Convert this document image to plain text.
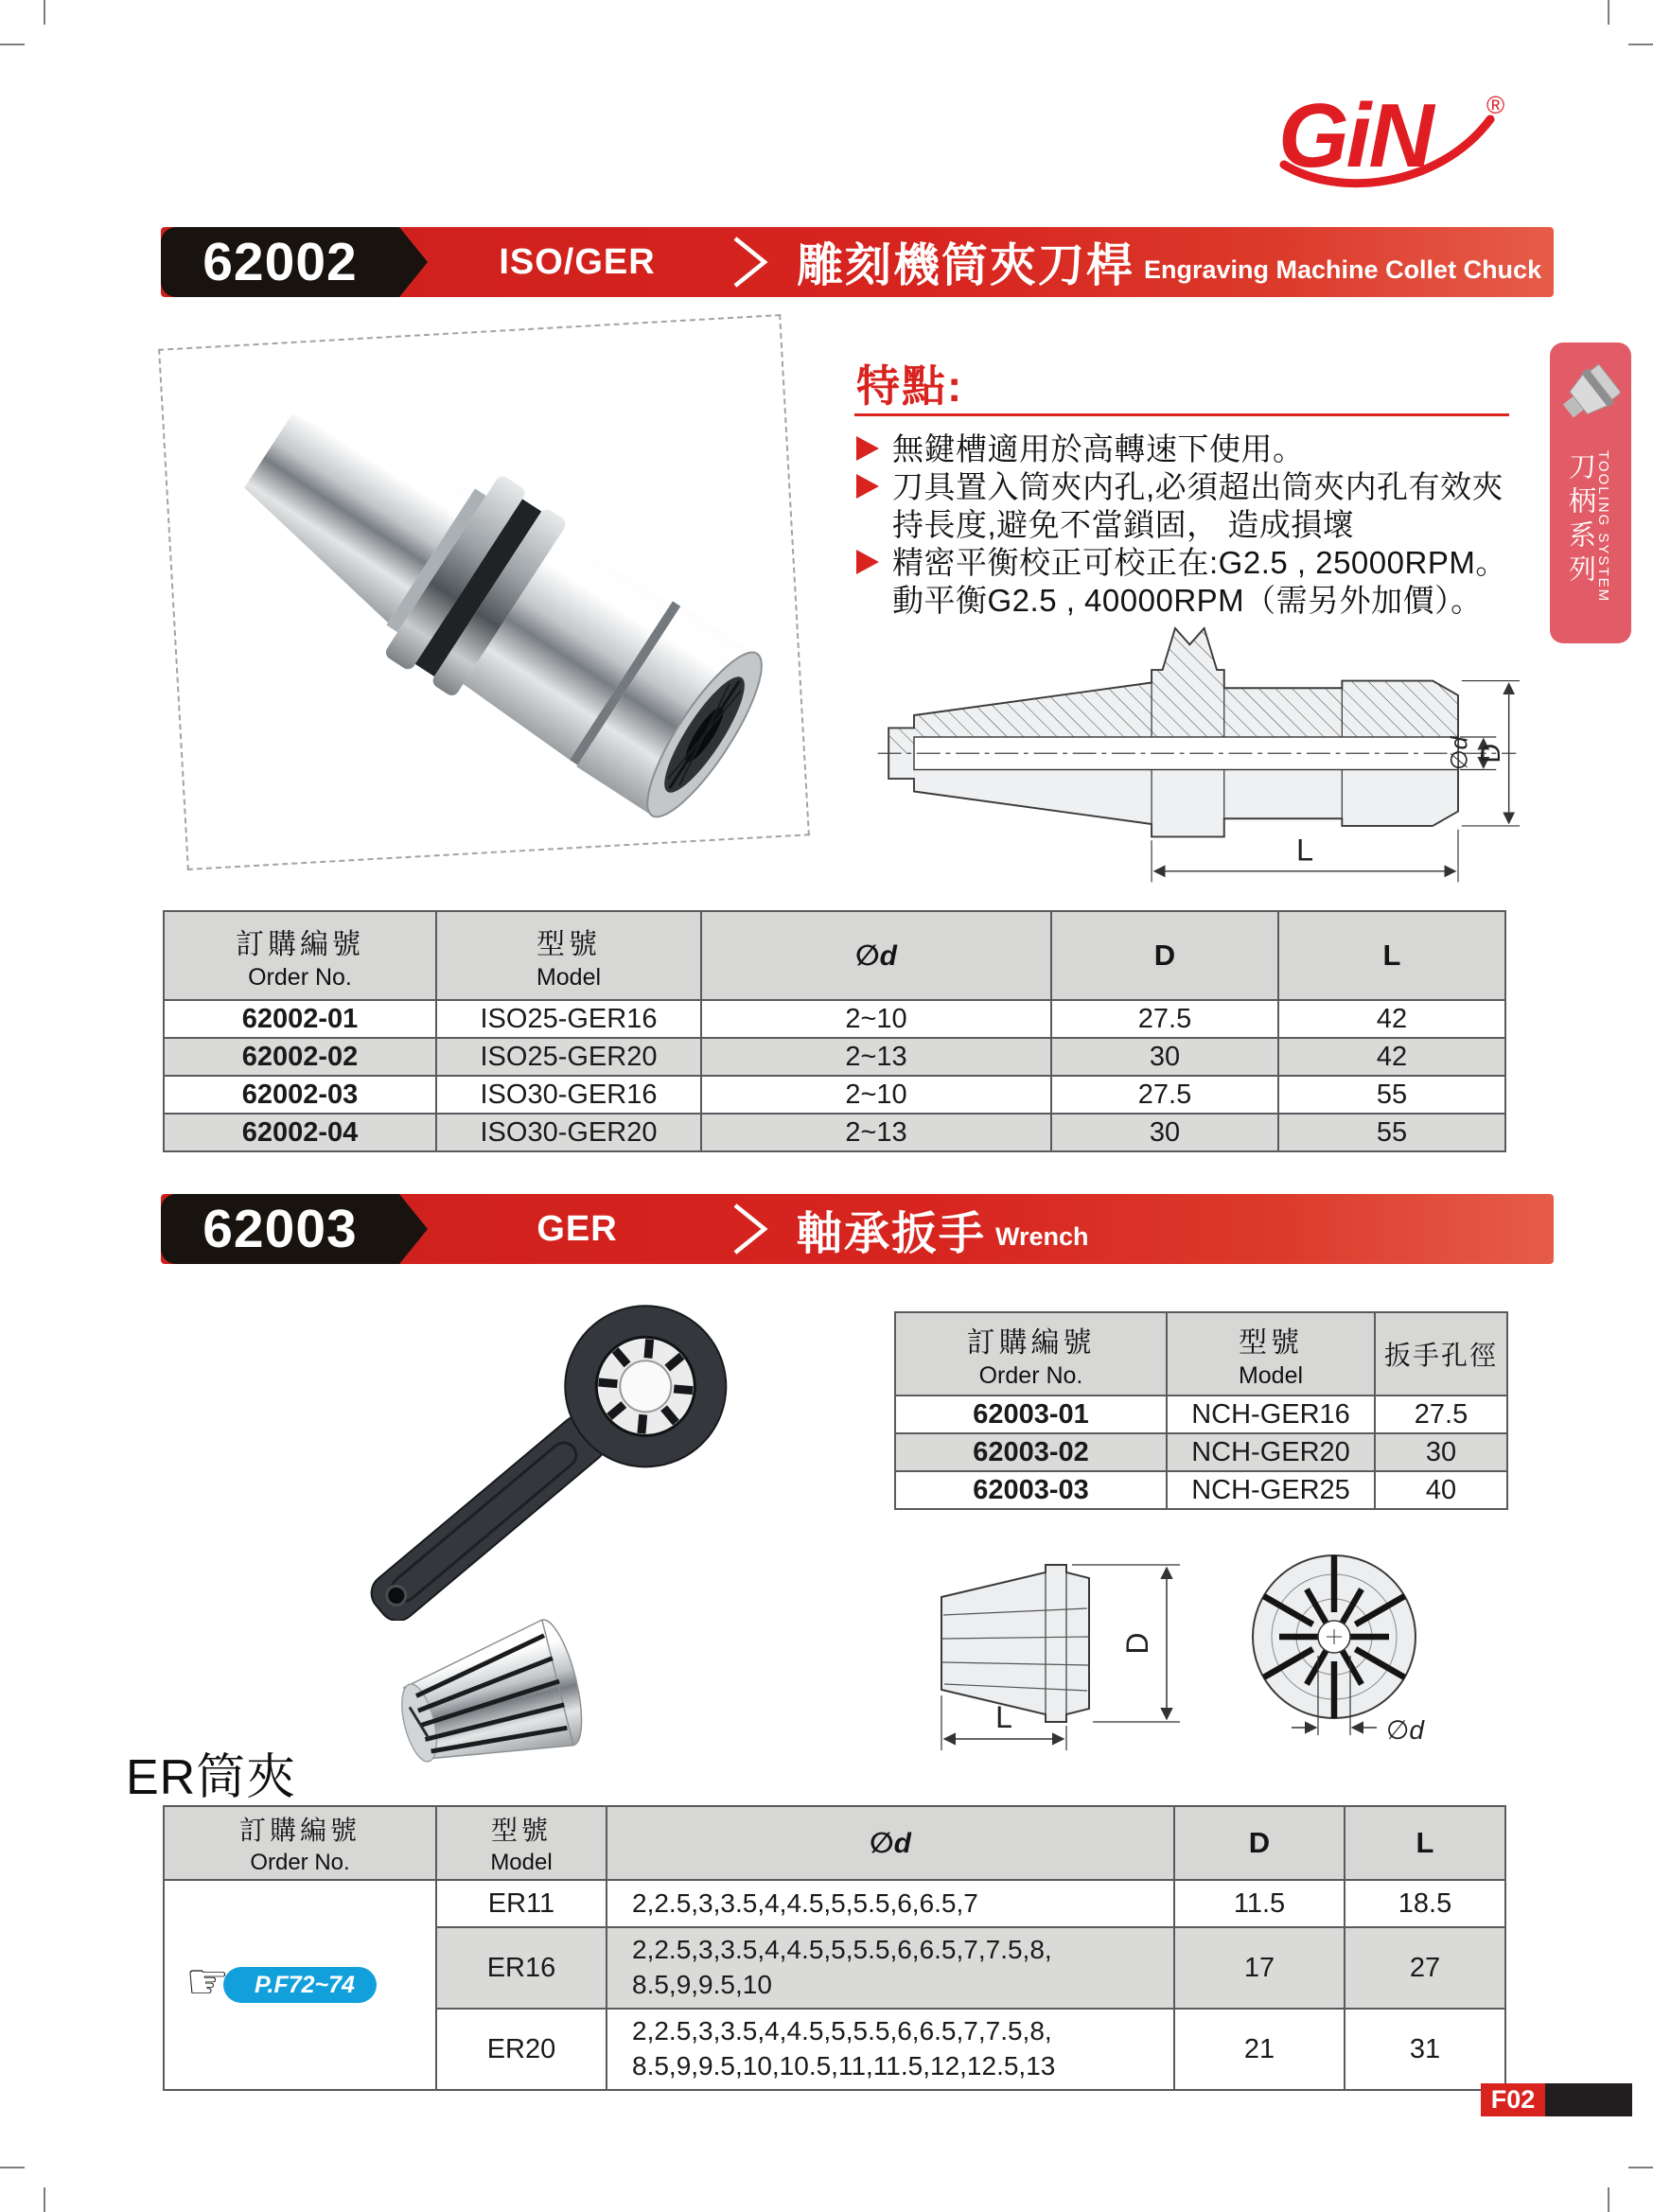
GiN ®
ISO/GER	雕刻機筒夾刀桿 Engraving Machine Collet Chuck
62002
特點:
無鍵槽適用於高轉速下使用。
刀具置入筒夾内孔,必須超出筒夾内孔有效夾
持長度,避免不當鎖固， 造成損壞
精密平衡校正可校正在:G2.5 , 25000RPM。
動平衡G2.5 , 40000RPM（需另外加價）。
∅d D
L
刀柄系列 TOOLING SYSTEM
訂購編號
Order No.

型號
Model
	∅d	D	L
62002-01	ISO25-GER16	2~10	27.5	42
62002-02	ISO25-GER20	2~13	30	42
62002-03	ISO30-GER16	2~10	27.5	55
62002-04	ISO30-GER20	2~13	30	55
GER	軸承扳手 Wrench
62003
訂購編號
Order No.

型號
Model

扳手孔徑

62003-01	NCH-GER16	27.5
62003-02	NCH-GER20	30
62003-03	NCH-GER25	40
D
L	∅d
ER筒夾
訂購編號
Order No.

型號
Model
	∅d	D	L

☞ P.F72~74	ER11	2,2.5,3,3.5,4,4.5,5,5.5,6,6.5,7	11.5	18.5
	ER16	2,2.5,3,3.5,4,4.5,5,5.5,6,6.5,7,7.5,8,
8.5,9,9.5,10	17	27
	ER20	2,2.5,3,3.5,4,4.5,5,5.5,6,6.5,7,7.5,8,
8.5,9,9.5,10,10.5,11,11.5,12,12.5,13	21	31
F02
